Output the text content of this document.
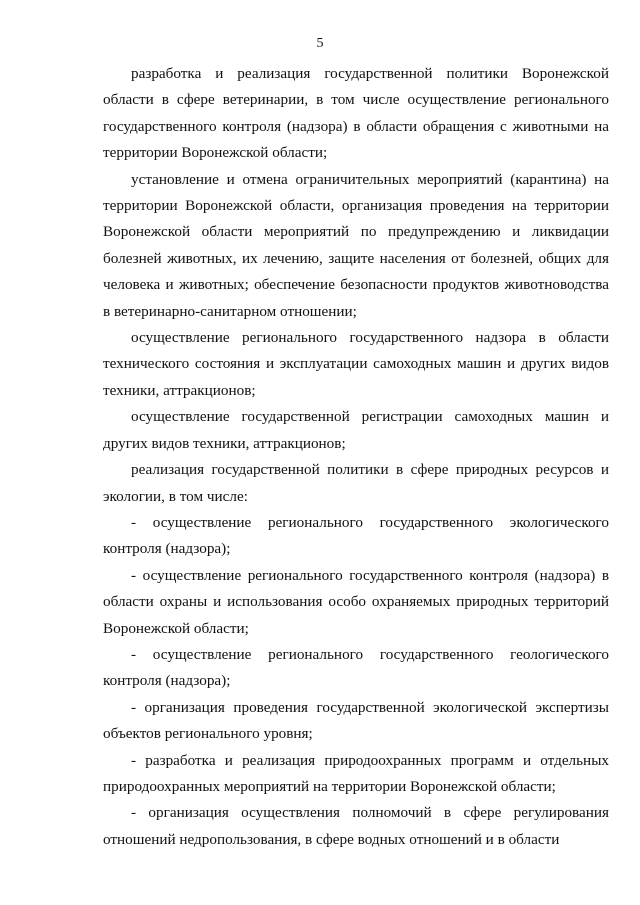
5

разработка и реализация государственной политики Воронежской области в сфере ветеринарии, в том числе осуществление регионального государственного контроля (надзора) в области обращения с животными на территории Воронежской области;

установление и отмена ограничительных мероприятий (карантина) на территории Воронежской области, организация проведения на территории Воронежской области мероприятий по предупреждению и ликвидации болезней животных, их лечению, защите населения от болезней, общих для человека и животных; обеспечение безопасности продуктов животноводства в ветеринарно-санитарном отношении;

осуществление регионального государственного надзора в области технического состояния и эксплуатации самоходных машин и других видов техники, аттракционов;

осуществление государственной регистрации самоходных машин и других видов техники, аттракционов;

реализация государственной политики в сфере природных ресурсов и экологии, в том числе:

- осуществление регионального государственного экологического контроля (надзора);

- осуществление регионального государственного контроля (надзора) в области охраны и использования особо охраняемых природных территорий Воронежской области;

- осуществление регионального государственного геологического контроля (надзора);

- организация проведения государственной экологической экспертизы объектов регионального уровня;

- разработка и реализация природоохранных программ и отдельных природоохранных мероприятий на территории Воронежской области;

- организация осуществления полномочий в сфере регулирования отношений недропользования, в сфере водных отношений и в области
